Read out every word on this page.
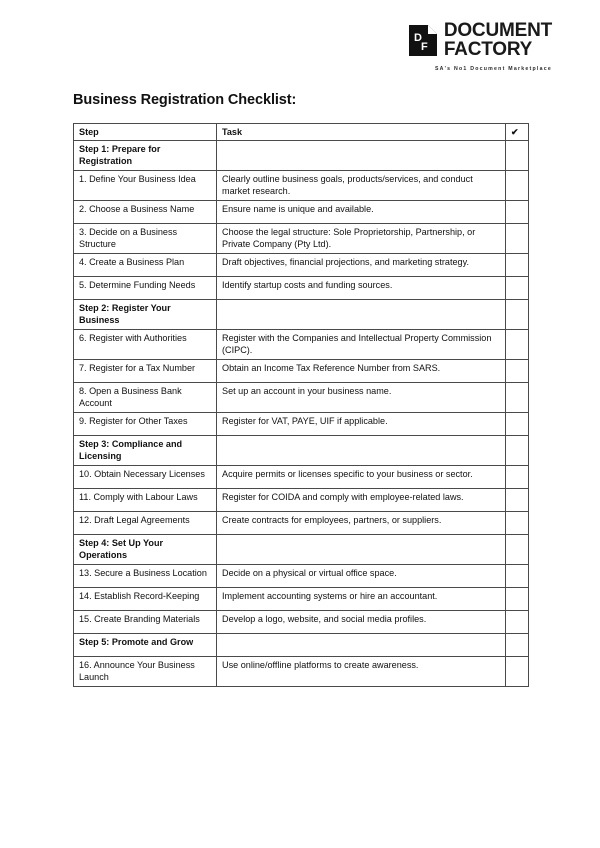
D
F
DOCUMENT
FACTORY
SA's No1 Document Marketplace
Business Registration Checklist:
Step	Task	✔
Step 1: Prepare for Registration		
1. Define Your Business Idea	Clearly outline business goals, products/services, and conduct market research.	
2. Choose a Business Name	Ensure name is unique and available.	
3. Decide on a Business Structure	Choose the legal structure: Sole Proprietorship, Partnership, or Private Company (Pty Ltd).	
4. Create a Business Plan	Draft objectives, financial projections, and marketing strategy.	
5. Determine Funding Needs	Identify startup costs and funding sources.	
Step 2: Register Your Business		
6. Register with Authorities	Register with the Companies and Intellectual Property Commission (CIPC).	
7. Register for a Tax Number	Obtain an Income Tax Reference Number from SARS.	
8. Open a Business Bank Account	Set up an account in your business name.	
9. Register for Other Taxes	Register for VAT, PAYE, UIF if applicable.	
Step 3: Compliance and Licensing		
10. Obtain Necessary Licenses	Acquire permits or licenses specific to your business or sector.	
11. Comply with Labour Laws	Register for COIDA and comply with employee-related laws.	
12. Draft Legal Agreements	Create contracts for employees, partners, or suppliers.	
Step 4: Set Up Your Operations		
13. Secure a Business Location	Decide on a physical or virtual office space.	
14. Establish Record-Keeping	Implement accounting systems or hire an accountant.	
15. Create Branding Materials	Develop a logo, website, and social media profiles.	
Step 5: Promote and Grow		
16. Announce Your Business Launch	Use online/offline platforms to create awareness.	
